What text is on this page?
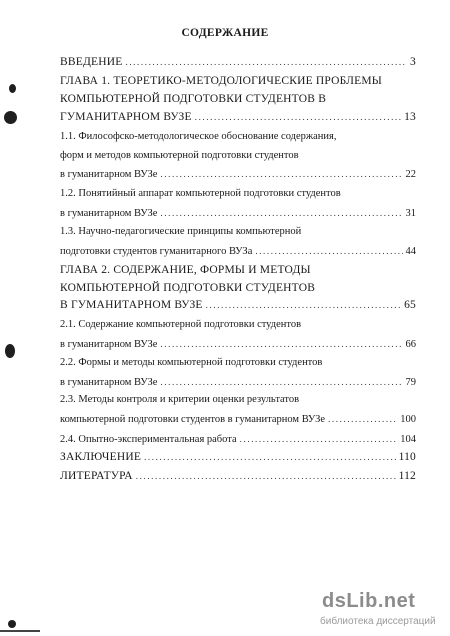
СОДЕРЖАНИЕ
ВВЕДЕНИЕ .....	3
ГЛАВА 1. ТЕОРЕТИКО-МЕТОДОЛОГИЧЕСКИЕ ПРОБЛЕМЫ
КОМПЬЮТЕРНОЙ ПОДГОТОВКИ СТУДЕНТОВ В
ГУМАНИТАРНОМ ВУЗЕ .....	13
1.1. Философско-методологическое обоснование содержания,
форм и методов компьютерной подготовки студентов
в гуманитарном ВУЗе .....	22
1.2. Понятийный аппарат компьютерной подготовки студентов
в гуманитарном ВУЗе .....	31
1.3. Научно-педагогические принципы компьютерной
подготовки студентов гуманитарного ВУЗа .....	44
ГЛАВА 2. СОДЕРЖАНИЕ, ФОРМЫ И МЕТОДЫ
КОМПЬЮТЕРНОЙ ПОДГОТОВКИ СТУДЕНТОВ
В ГУМАНИТАРНОМ ВУЗЕ .....	65
2.1. Содержание компьютерной подготовки студентов
в гуманитарном ВУЗе .....	66
2.2. Формы и методы компьютерной подготовки студентов
в гуманитарном ВУЗе .....	79
2.3. Методы контроля и критерии оценки результатов
компьютерной подготовки студентов в гуманитарном ВУЗе .....	100
2.4. Опытно-экспериментальная работа .....	104
ЗАКЛЮЧЕНИЕ .....	110
ЛИТЕРАТУРА .....	112
dsLib.net
библиотека диссертаций
